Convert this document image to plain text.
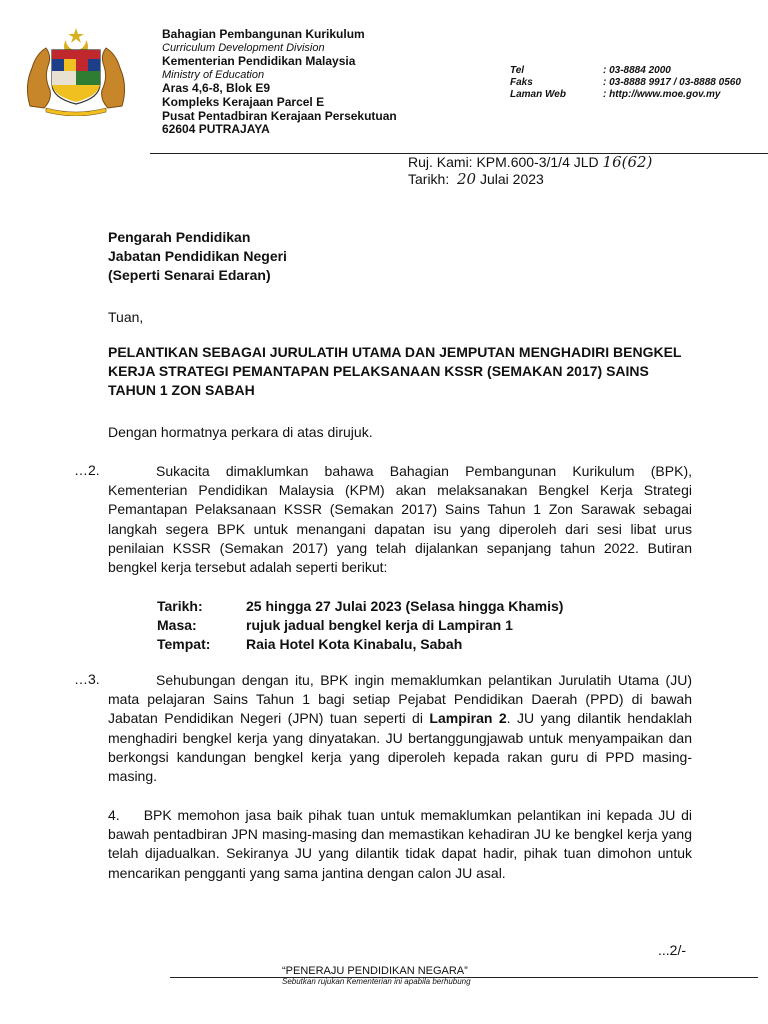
Bahagian Pembangunan Kurikulum
Curriculum Development Division
Kementerian Pendidikan Malaysia
Ministry of Education
Aras 4,6-8, Blok E9
Kompleks Kerajaan Parcel E
Pusat Pentadbiran Kerajaan Persekutuan
62604 PUTRAJAYA
Tel	: 03-8884 2000
Faks	: 03-8888 9917 / 03-8888 0560
Laman Web	: http://www.moe.gov.my
Ruj. Kami: KPM.600-3/1/4 JLD 16(62)
Tarikh: 20 Julai 2023
Pengarah Pendidikan
Jabatan Pendidikan Negeri
(Seperti Senarai Edaran)
Tuan,
PELANTIKAN SEBAGAI JURULATIH UTAMA DAN JEMPUTAN MENGHADIRI BENGKEL KERJA STRATEGI PEMANTAPAN PELAKSANAAN KSSR (SEMAKAN 2017) SAINS TAHUN 1 ZON SABAH
Dengan hormatnya perkara di atas dirujuk.
…2.	Sukacita dimaklumkan bahawa Bahagian Pembangunan Kurikulum (BPK), Kementerian Pendidikan Malaysia (KPM) akan melaksanakan Bengkel Kerja Strategi Pemantapan Pelaksanaan KSSR (Semakan 2017) Sains Tahun 1 Zon Sarawak sebagai langkah segera BPK untuk menangani dapatan isu yang diperoleh dari sesi libat urus penilaian KSSR (Semakan 2017) yang telah dijalankan sepanjang tahun 2022. Butiran bengkel kerja tersebut adalah seperti berikut:
Tarikh:	25 hingga 27 Julai 2023 (Selasa hingga Khamis)
Masa:	rujuk jadual bengkel kerja di Lampiran 1
Tempat:	Raia Hotel Kota Kinabalu, Sabah
…3.	Sehubungan dengan itu, BPK ingin memaklumkan pelantikan Jurulatih Utama (JU) mata pelajaran Sains Tahun 1 bagi setiap Pejabat Pendidikan Daerah (PPD) di bawah Jabatan Pendidikan Negeri (JPN) tuan seperti di Lampiran 2. JU yang dilantik hendaklah menghadiri bengkel kerja yang dinyatakan. JU bertanggungjawab untuk menyampaikan dan berkongsi kandungan bengkel kerja yang diperoleh kepada rakan guru di PPD masing-masing.
4. BPK memohon jasa baik pihak tuan untuk memaklumkan pelantikan ini kepada JU di bawah pentadbiran JPN masing-masing dan memastikan kehadiran JU ke bengkel kerja yang telah dijadualkan. Sekiranya JU yang dilantik tidak dapat hadir, pihak tuan dimohon untuk mencarikan pengganti yang sama jantina dengan calon JU asal.
...2/-
“PENERAJU PENDIDIKAN NEGARA”
Sebutkan rujukan Kementerian ini apabila berhubung
